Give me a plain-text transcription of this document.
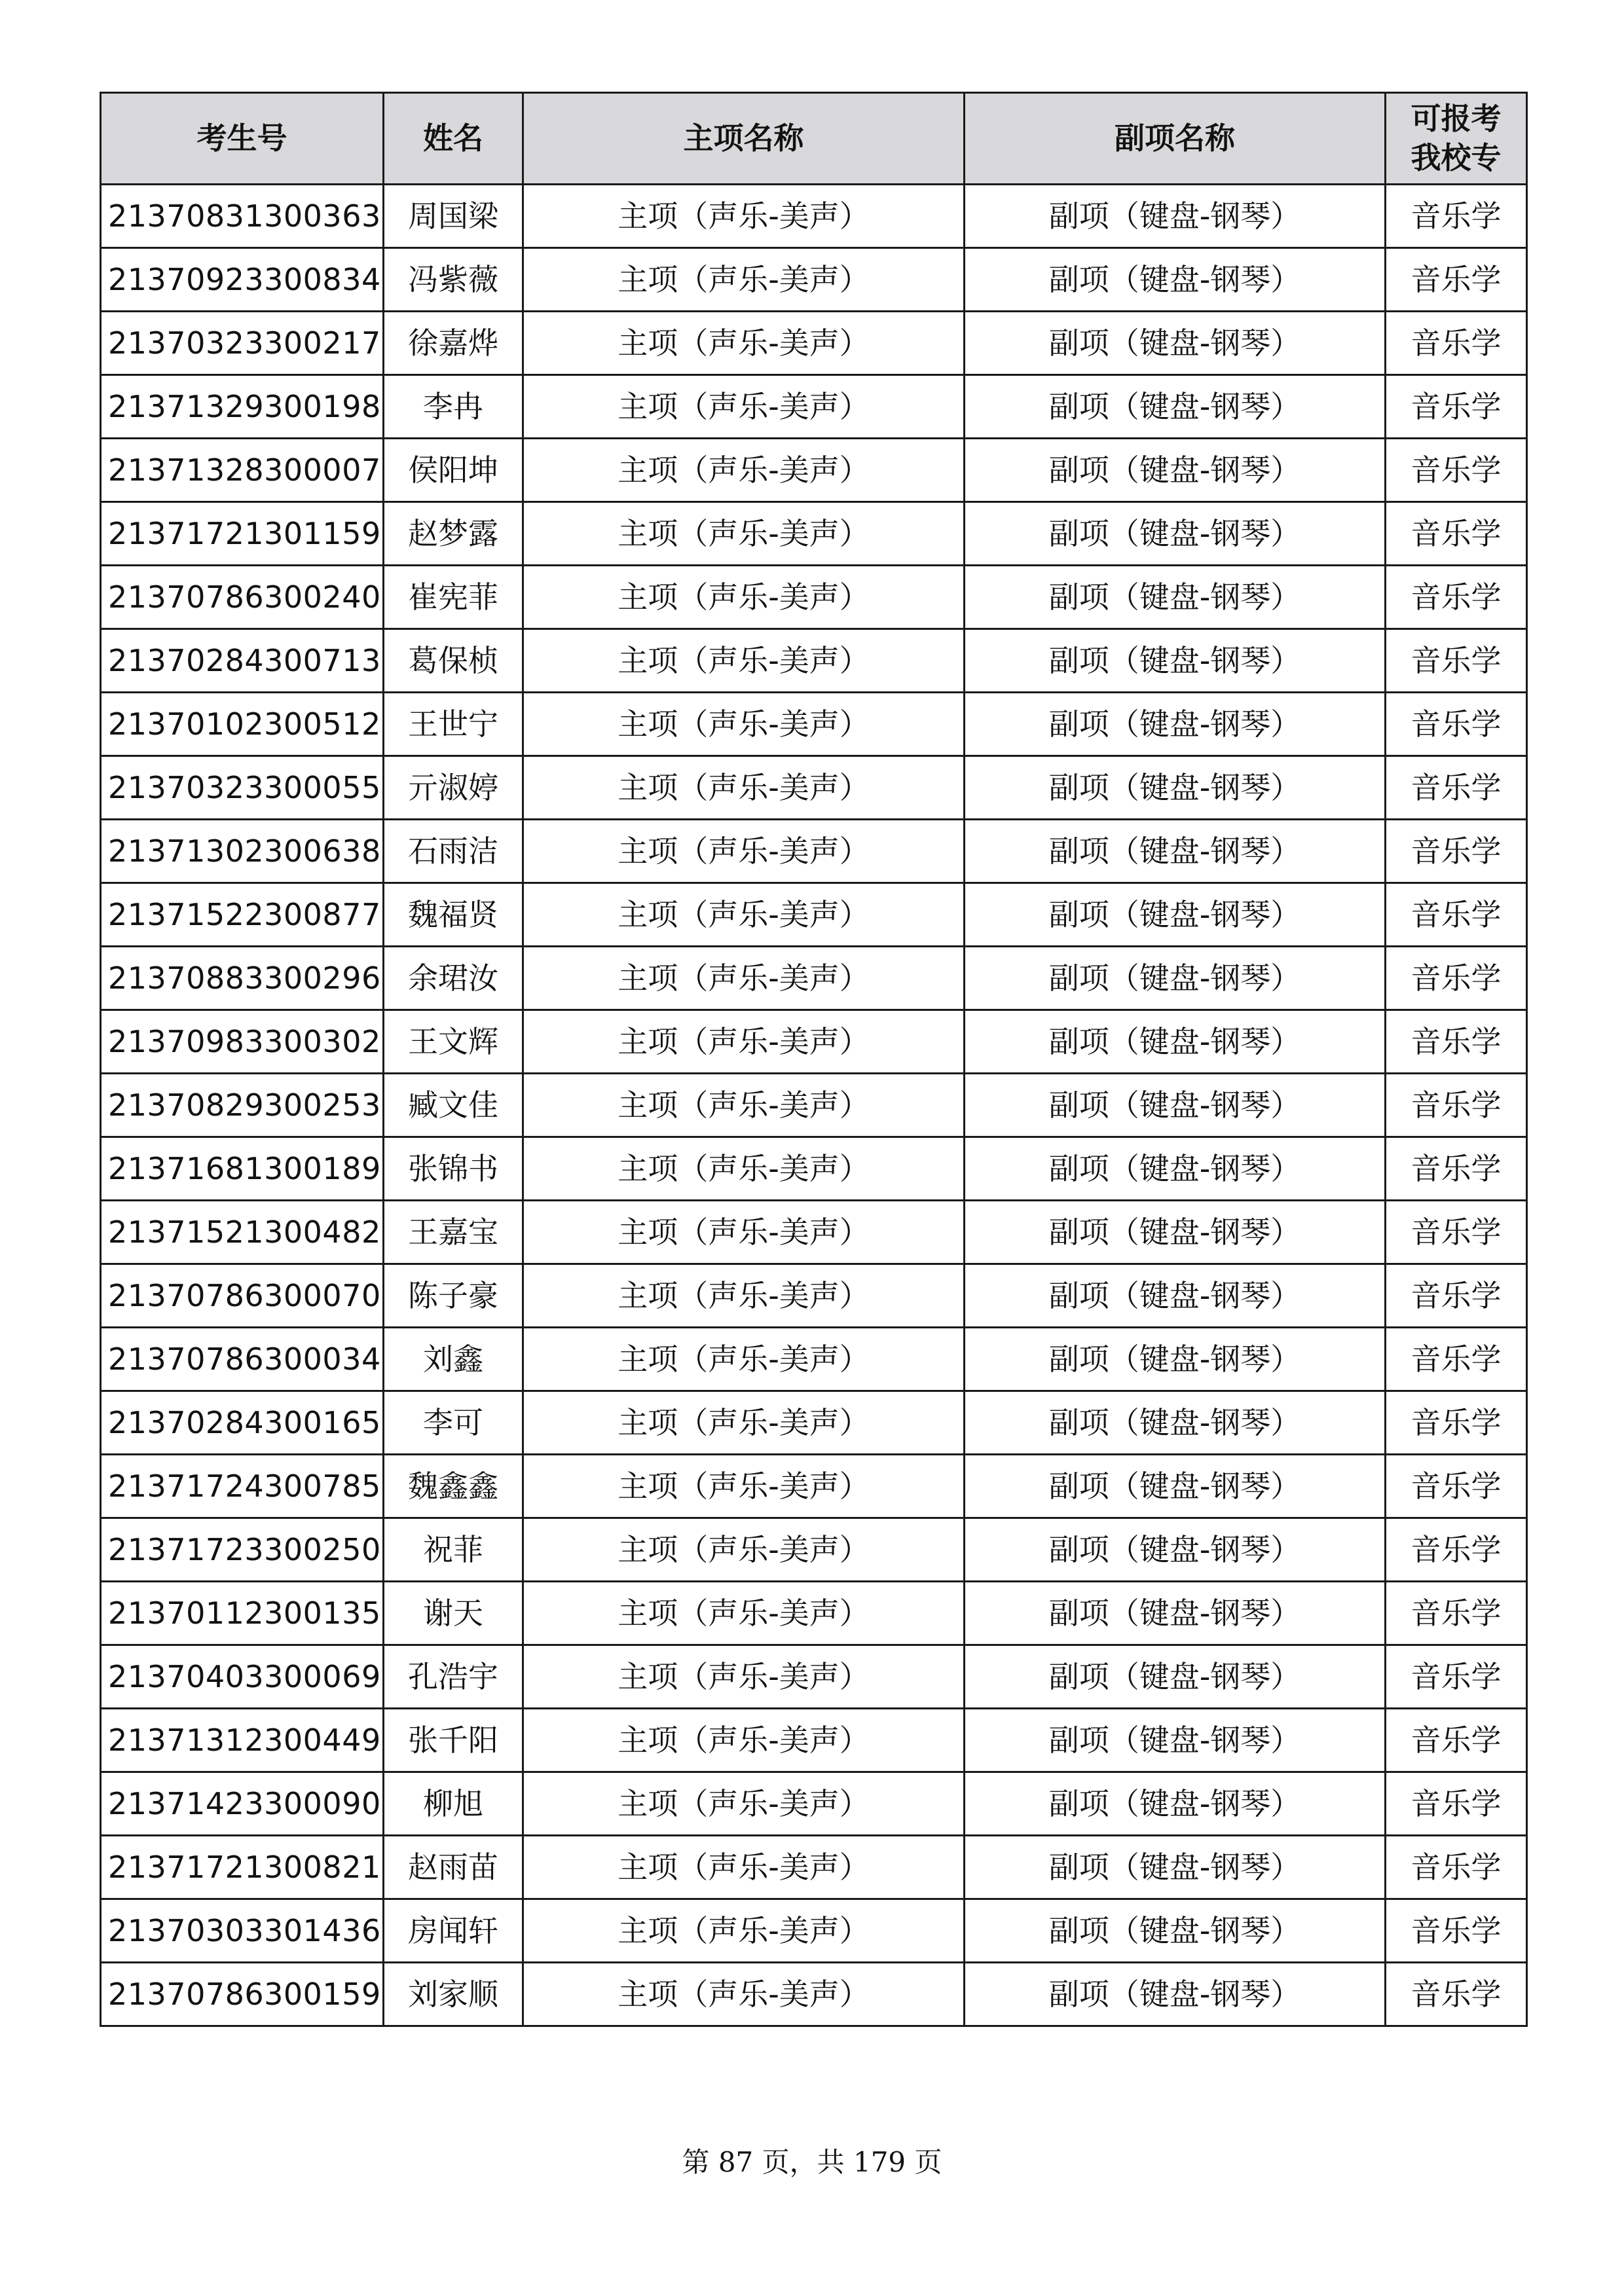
考生号	姓名	主项名称	副项名称	可报考我校专
21370831300363	周国梁	主项（声乐-美声）	副项（键盘-钢琴）	音乐学
21370923300834	冯紫薇	主项（声乐-美声）	副项（键盘-钢琴）	音乐学
21370323300217	徐嘉烨	主项（声乐-美声）	副项（键盘-钢琴）	音乐学
21371329300198	李冉	主项（声乐-美声）	副项（键盘-钢琴）	音乐学
21371328300007	侯阳坤	主项（声乐-美声）	副项（键盘-钢琴）	音乐学
21371721301159	赵梦露	主项（声乐-美声）	副项（键盘-钢琴）	音乐学
21370786300240	崔宪菲	主项（声乐-美声）	副项（键盘-钢琴）	音乐学
21370284300713	葛保桢	主项（声乐-美声）	副项（键盘-钢琴）	音乐学
21370102300512	王世宁	主项（声乐-美声）	副项（键盘-钢琴）	音乐学
21370323300055	亓淑婷	主项（声乐-美声）	副项（键盘-钢琴）	音乐学
21371302300638	石雨洁	主项（声乐-美声）	副项（键盘-钢琴）	音乐学
21371522300877	魏福贤	主项（声乐-美声）	副项（键盘-钢琴）	音乐学
21370883300296	余珺汝	主项（声乐-美声）	副项（键盘-钢琴）	音乐学
21370983300302	王文辉	主项（声乐-美声）	副项（键盘-钢琴）	音乐学
21370829300253	臧文佳	主项（声乐-美声）	副项（键盘-钢琴）	音乐学
21371681300189	张锦书	主项（声乐-美声）	副项（键盘-钢琴）	音乐学
21371521300482	王嘉宝	主项（声乐-美声）	副项（键盘-钢琴）	音乐学
21370786300070	陈子豪	主项（声乐-美声）	副项（键盘-钢琴）	音乐学
21370786300034	刘鑫	主项（声乐-美声）	副项（键盘-钢琴）	音乐学
21370284300165	李可	主项（声乐-美声）	副项（键盘-钢琴）	音乐学
21371724300785	魏鑫鑫	主项（声乐-美声）	副项（键盘-钢琴）	音乐学
21371723300250	祝菲	主项（声乐-美声）	副项（键盘-钢琴）	音乐学
21370112300135	谢天	主项（声乐-美声）	副项（键盘-钢琴）	音乐学
21370403300069	孔浩宇	主项（声乐-美声）	副项（键盘-钢琴）	音乐学
21371312300449	张千阳	主项（声乐-美声）	副项（键盘-钢琴）	音乐学
21371423300090	柳旭	主项（声乐-美声）	副项（键盘-钢琴）	音乐学
21371721300821	赵雨苗	主项（声乐-美声）	副项（键盘-钢琴）	音乐学
21370303301436	房闻轩	主项（声乐-美声）	副项（键盘-钢琴）	音乐学
21370786300159	刘家顺	主项（声乐-美声）	副项（键盘-钢琴）	音乐学
第 87 页，共 179 页
